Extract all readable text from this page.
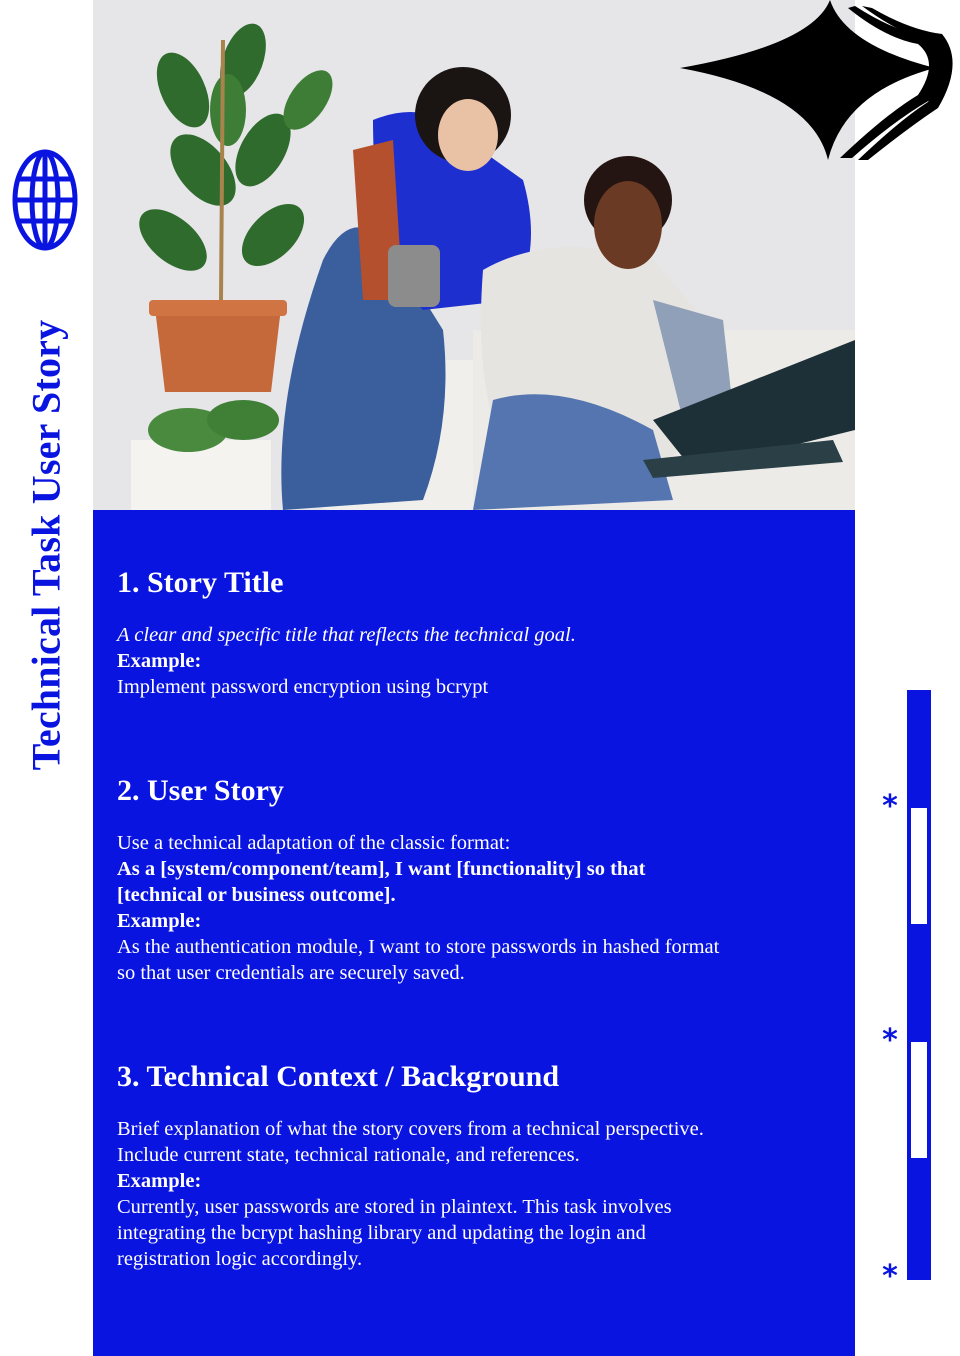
Technical Task User Story 1. Story Title

A clear and specific title that reflects the technical goal.

Example:

Implement password encryption using bcrypt

2. User Story

Use a technical adaptation of the classic format:

As a [system/component/team], I want [functionality] so that

[technical or business outcome].

Example:

As the authentication module, I want to store passwords in hashed format

so that user credentials are securely saved.

3. Technical Context / Background

Brief explanation of what the story covers from a technical perspective.

Include current state, technical rationale, and references.

Example:

Currently, user passwords are stored in plaintext. This task involves

integrating the bcrypt hashing library and updating the login and

registration logic accordingly.

*
*
*
